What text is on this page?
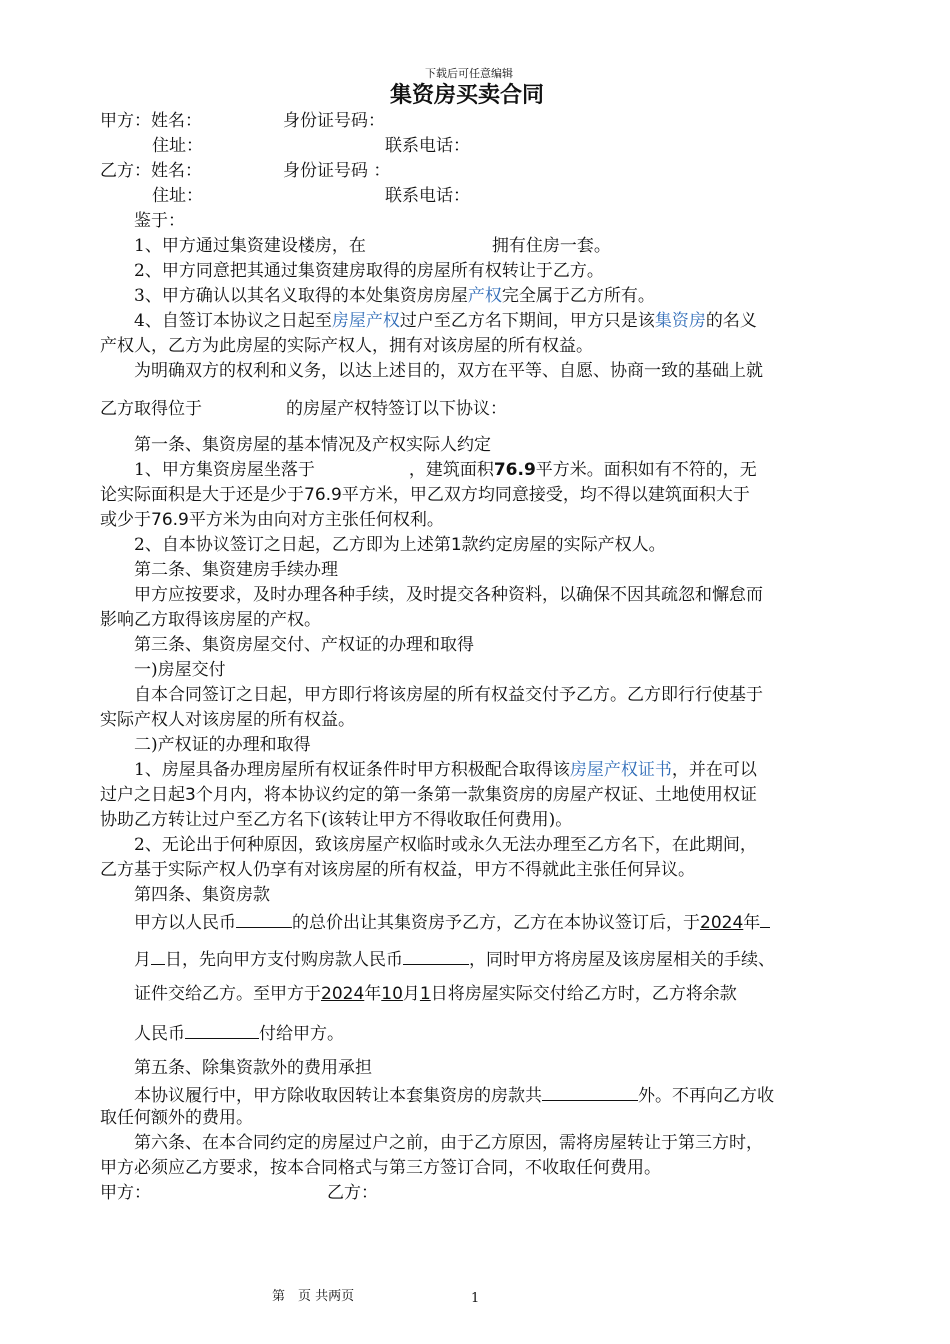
下载后可任意编辑
集资房买卖合同
甲方：姓名：	身份证号码：
住址：	联系电话：
乙方：姓名：	身份证号码 ：
住址：	联系电话：
鉴于：
1、甲方通过集资建设楼房，在	拥有住房一套。
2、甲方同意把其通过集资建房取得的房屋所有权转让于乙方。
3、甲方确认以其名义取得的本处集资房房屋产权完全属于乙方所有。
4、自签订本协议之日起至房屋产权过户至乙方名下期间，甲方只是该集资房的名义
产权人，乙方为此房屋的实际产权人，拥有对该房屋的所有权益。
为明确双方的权利和义务，以达上述目的，双方在平等、自愿、协商一致的基础上就
乙方取得位于	的房屋产权特签订以下协议：
第一条、集资房屋的基本情况及产权实际人约定
1、甲方集资房屋坐落于	，建筑面积76.9平方米。面积如有不符的，无
论实际面积是大于还是少于76.9平方米，甲乙双方均同意接受，均不得以建筑面积大于
或少于76.9平方米为由向对方主张任何权利。
2、自本协议签订之日起，乙方即为上述第1款约定房屋的实际产权人。
第二条、集资建房手续办理
甲方应按要求，及时办理各种手续，及时提交各种资料，以确保不因其疏忽和懈怠而
影响乙方取得该房屋的产权。
第三条、集资房屋交付、产权证的办理和取得
一)房屋交付
自本合同签订之日起，甲方即行将该房屋的所有权益交付予乙方。乙方即行行使基于
实际产权人对该房屋的所有权益。
二)产权证的办理和取得
1、房屋具备办理房屋所有权证条件时甲方积极配合取得该房屋产权证书，并在可以
过户之日起3个月内，将本协议约定的第一条第一款集资房的房屋产权证、土地使用权证
协助乙方转让过户至乙方名下(该转让甲方不得收取任何费用)。
2、无论出于何种原因，致该房屋产权临时或永久无法办理至乙方名下，在此期间，
乙方基于实际产权人仍享有对该房屋的所有权益，甲方不得就此主张任何异议。
第四条、集资房款
甲方以人民币	的总价出让其集资房予乙方，乙方在本协议签订后，于2024年
月 日，先向甲方支付购房款人民币	，同时甲方将房屋及该房屋相关的手续、
证件交给乙方。至甲方于2024年10月1日将房屋实际交付给乙方时，乙方将余款
人民币	付给甲方。
第五条、除集资款外的费用承担
本协议履行中，甲方除收取因转让本套集资房的房款共	外。不再向乙方收
取任何额外的费用。
第六条、在本合同约定的房屋过户之前，由于乙方原因，需将房屋转让于第三方时，
甲方必须应乙方要求，按本合同格式与第三方签订合同，不收取任何费用。
甲方：	乙方：
第　页 共两页	1
